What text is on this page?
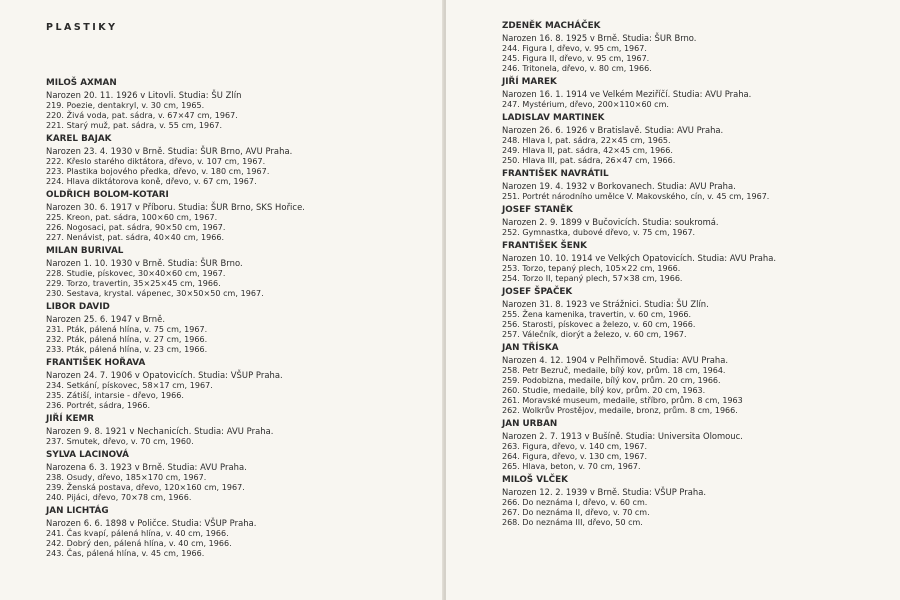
PLASTIKY
MILOŠ AXMAN
Narozen 20. 11. 1926 v Litovli. Studia: ŠU Zlín
219. Poezie, dentakryl, v. 30 cm, 1965.
220. Živá voda, pat. sádra, v. 67×47 cm, 1967.
221. Starý muž, pat. sádra, v. 55 cm, 1967.
KAREL BAJAK
Narozen 23. 4. 1930 v Brně. Studia: ŠUR Brno, AVU Praha.
222. Křeslo starého diktátora, dřevo, v. 107 cm, 1967.
223. Plastika bojového předka, dřevo, v. 180 cm, 1967.
224. Hlava diktátorova koně, dřevo, v. 67 cm, 1967.
OLDŘICH BOLOM-KOTARI
Narozen 30. 6. 1917 v Příboru. Studia: ŠUR Brno, SKS Hořice.
225. Kreon, pat. sádra, 100×60 cm, 1967.
226. Nogosaci, pat. sádra, 90×50 cm, 1967.
227. Nenávist, pat. sádra, 40×40 cm, 1966.
MILAN BURIVAL
Narozen 1. 10. 1930 v Brně. Studia: ŠUR Brno.
228. Studie, pískovec, 30×40×60 cm, 1967.
229. Torzo, travertin, 35×25×45 cm, 1966.
230. Sestava, krystal. vápenec, 30×50×50 cm, 1967.
LIBOR DAVID
Narozen 25. 6. 1947 v Brně.
231. Pták, pálená hlína, v. 75 cm, 1967.
232. Pták, pálená hlína, v. 27 cm, 1966.
233. Pták, pálená hlína, v. 23 cm, 1966.
FRANTIŠEK HOŘAVA
Narozen 24. 7. 1906 v Opatovicích. Studia: VŠUP Praha.
234. Setkání, pískovec, 58×17 cm, 1967.
235. Zátiší, intarsie - dřevo, 1966.
236. Portrét, sádra, 1966.
JIŘÍ KEMR
Narozen 9. 8. 1921 v Nechanicích. Studia: AVU Praha.
237. Smutek, dřevo, v. 70 cm, 1960.
SYLVA LACINOVÁ
Narozena 6. 3. 1923 v Brně. Studia: AVU Praha.
238. Osudy, dřevo, 185×170 cm, 1967.
239. Ženská postava, dřevo, 120×160 cm, 1967.
240. Pijáci, dřevo, 70×78 cm, 1966.
JAN LICHTÁG
Narozen 6. 6. 1898 v Poličce. Studia: VŠUP Praha.
241. Čas kvapí, pálená hlína, v. 40 cm, 1966.
242. Dobrý den, pálená hlína, v. 40 cm, 1966.
243. Čas, pálená hlína, v. 45 cm, 1966.
ZDENĚK MACHÁČEK
Narozen 16. 8. 1925 v Brně. Studia: ŠUR Brno.
244. Figura I, dřevo, v. 95 cm, 1967.
245. Figura II, dřevo, v. 95 cm, 1967.
246. Tritonela, dřevo, v. 80 cm, 1966.
JIŘÍ MAREK
Narozen 16. 1. 1914 ve Velkém Meziříčí. Studia: AVU Praha.
247. Mystérium, dřevo, 200×110×60 cm.
LADISLAV MARTINEK
Narozen 26. 6. 1926 v Bratislavě. Studia: AVU Praha.
248. Hlava I, pat. sádra, 22×45 cm, 1965.
249. Hlava II, pat. sádra, 42×45 cm, 1966.
250. Hlava III, pat. sádra, 26×47 cm, 1966.
FRANTIŠEK NAVRÁTIL
Narozen 19. 4. 1932 v Borkovanech. Studia: AVU Praha.
251. Portrét národního umělce V. Makovského, cín, v. 45 cm, 1967.
JOSEF STANĚK
Narozen 2. 9. 1899 v Bučovicích. Studia: soukromá.
252. Gymnastka, dubové dřevo, v. 75 cm, 1967.
FRANTIŠEK ŠENK
Narozen 10. 10. 1914 ve Velkých Opatovicích. Studia: AVU Praha.
253. Torzo, tepaný plech, 105×22 cm, 1966.
254. Torzo II, tepaný plech, 57×38 cm, 1966.
JOSEF ŠPAČEK
Narozen 31. 8. 1923 ve Strážnici. Studia: ŠU Zlín.
255. Žena kamenika, travertin, v. 60 cm, 1966.
256. Starosti, pískovec a železo, v. 60 cm, 1966.
257. Válečník, diorýt a železo, v. 60 cm, 1967.
JAN TŘÍSKA
Narozen 4. 12. 1904 v Pelhřimově. Studia: AVU Praha.
258. Petr Bezruč, medaile, bílý kov, prům. 18 cm, 1964.
259. Podobizna, medaile, bílý kov, prům. 20 cm, 1966.
260. Studie, medaile, bílý kov, prům. 20 cm, 1963.
261. Moravské museum, medaile, stříbro, prům. 8 cm, 1963
262. Wolkrův Prostějov, medaile, bronz, prům. 8 cm, 1966.
JAN URBAN
Narozen 2. 7. 1913 v Bušíně. Studia: Universita Olomouc.
263. Figura, dřevo, v. 140 cm, 1967.
264. Figura, dřevo, v. 130 cm, 1967.
265. Hlava, beton, v. 70 cm, 1967.
MILOŠ VLČEK
Narozen 12. 2. 1939 v Brně. Studia: VŠUP Praha.
266. Do neznáma I, dřevo, v. 60 cm.
267. Do neznáma II, dřevo, v. 70 cm.
268. Do neznáma III, dřevo, 50 cm.
